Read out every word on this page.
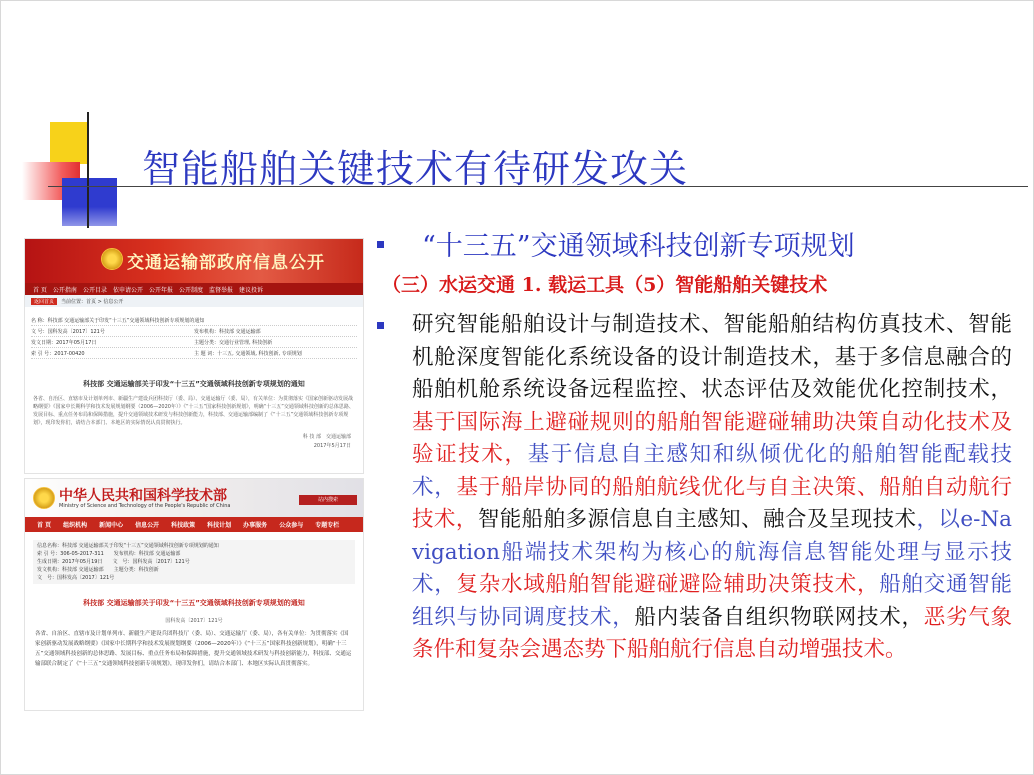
智能船舶关键技术有待研发攻关
交通运输部政府信息公开
首 页 公开指南 公开目录 依申请公开 公开年报 公开制度 监督举报 建议投诉
返回首页	当前位置：首页 > 信息公开
名 称：科技部 交通运输部关于印发“十三五”交通领域科技创新专项规划的通知
文 号：国科发高〔2017〕121号	发布机构：科技部 交通运输部
发文日期：2017年05月17日	主题分类：交通行业管理, 科技创新
索 引 号：2017-00420	主 题 词：十三五, 交通领域, 科技创新, 专项规划
科技部 交通运输部关于印发“十三五”交通领域科技创新专项规划的通知
各省、自治区、直辖市及计划单列市、新疆生产建设兵团科技厅（委、局）、交通运输厅（委、局），有关单位：为贯彻落实《国家创新驱动发展战略纲要》《国家中长期科学和技术发展规划纲要（2006—2020年）》《“十三五”国家科技创新规划》，明确“十三五”交通领域科技创新的总体思路、发展目标、重点任务布局和保障措施，提升交通领域技术研发与科技创新能力，科技部、交通运输部编制了《“十三五”交通领域科技创新专项规划》，现印发你们，请结合本部门、本地区的实际情况认真贯彻执行。
科 技 部　交通运输部
2017年5月17日
中华人民共和国科学技术部
Ministry of Science and Technology of the People's Republic of China
站内搜索
首 页 组织机构 新闻中心 信息公开 科技政策 科技计划 办事服务 公众参与 专题专栏
信息名称：科技部 交通运输部关于印发“十三五”交通领域科技创新专项规划的通知
索 引 号：306-05-2017-311　　发布机构：科技部 交通运输部
生成日期：2017年05月19日　　文　号：国科发高〔2017〕121号
发文机构：科技部 交通运输部　　主题分类：科技创新
文　号：国科发高〔2017〕121号
科技部 交通运输部关于印发“十三五”交通领域科技创新专项规划的通知
国科发高〔2017〕121号
各省、自治区、直辖市及计划单列市、新疆生产建设兵团科技厅（委、局）、交通运输厅（委、局），各有关单位：为贯彻落实《国家创新驱动发展战略纲要》《国家中长期科学和技术发展规划纲要（2006—2020年）》《“十三五”国家科技创新规划》，明确“十三五”交通领域科技创新的总体思路、发展目标、重点任务布局和保障措施，提升交通领域技术研发与科技创新能力，科技部、交通运输部联合制定了《“十三五”交通领域科技创新专项规划》，现印发你们，请结合本部门、本地区实际认真贯彻落实。
“十三五”交通领域科技创新专项规划
（三）水运交通 1. 载运工具（5）智能船舶关键技术
研究智能船舶设计与制造技术、智能船舶结构仿真技术、智能机舱深度智能化系统设备的设计制造技术，基于多信息融合的船舶机舱系统设备远程监控、状态评估及效能优化控制技术，基于国际海上避碰规则的船舶智能避碰辅助决策自动化技术及验证技术，基于信息自主感知和纵倾优化的船舶智能配载技术，基于船岸协同的船舶航线优化与自主决策、船舶自动航行技术，智能船舶多源信息自主感知、融合及呈现技术，以e-Navigation船端技术架构为核心的航海信息智能处理与显示技术，复杂水域船舶智能避碰避险辅助决策技术，船舶交通智能组织与协同调度技术，船内装备自组织物联网技术，恶劣气象条件和复杂会遇态势下船舶航行信息自动增强技术。
